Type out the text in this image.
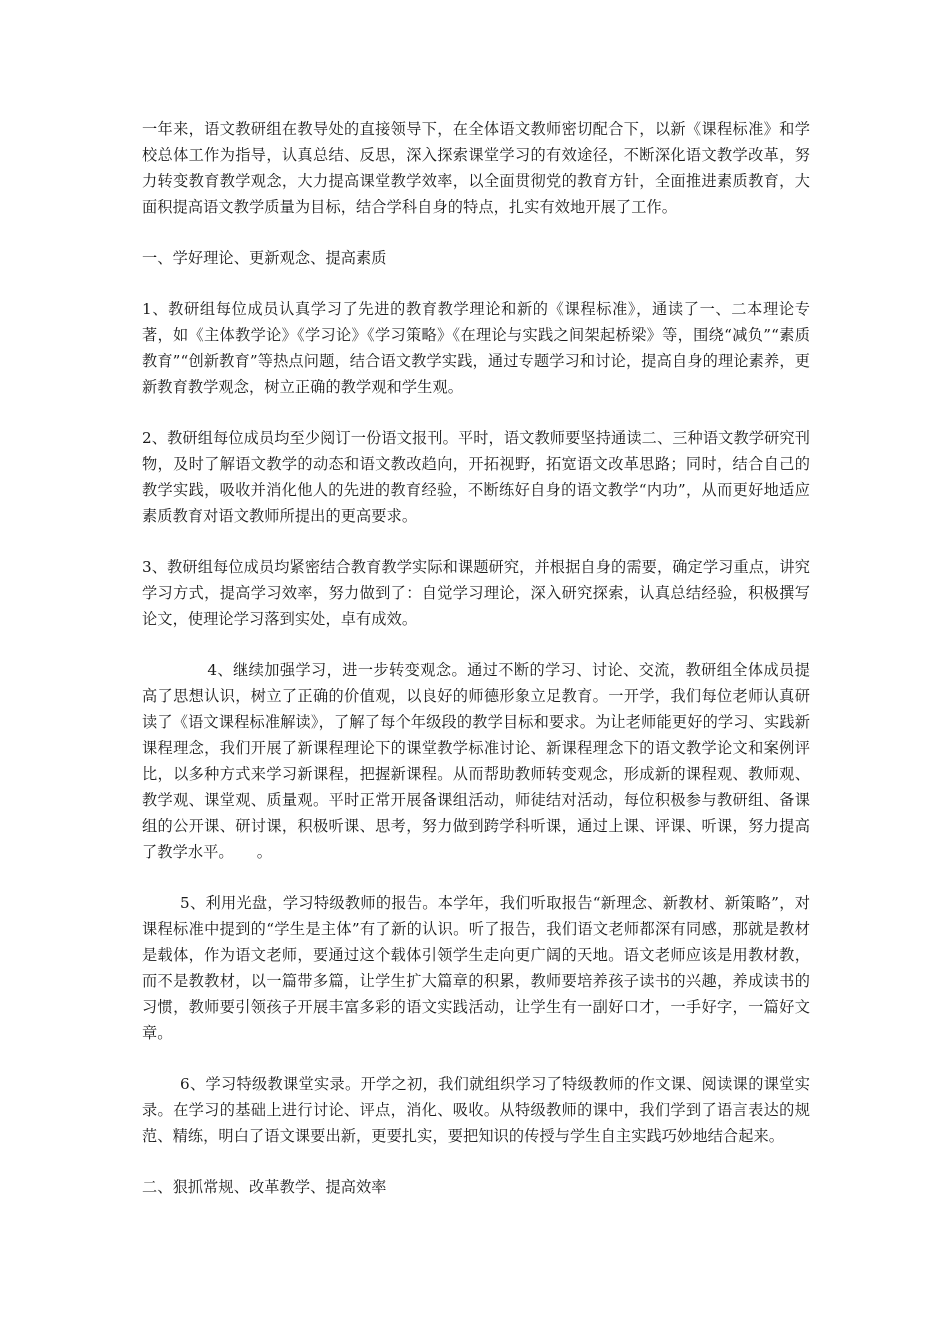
一年来，语文教研组在教导处的直接领导下，在全体语文教师密切配合下，以新《课程标准》和学校总体工作为指导，认真总结、反思，深入探索课堂学习的有效途径，不断深化语文教学改革，努力转变教育教学观念，大力提高课堂教学效率，以全面贯彻党的教育方针，全面推进素质教育，大面积提高语文教学质量为目标，结合学科自身的特点，扎实有效地开展了工作。

一、学好理论、更新观念、提高素质

1、教研组每位成员认真学习了先进的教育教学理论和新的《课程标准》，通读了一、二本理论专著，如《主体教学论》《学习论》《学习策略》《在理论与实践之间架起桥梁》等，围绕“减负”“素质教育”“创新教育”等热点问题，结合语文教学实践，通过专题学习和讨论，提高自身的理论素养，更新教育教学观念，树立正确的教学观和学生观。

2、教研组每位成员均至少阅订一份语文报刊。平时，语文教师要坚持通读二、三种语文教学研究刊物，及时了解语文教学的动态和语文教改趋向，开拓视野，拓宽语文改革思路；同时，结合自己的教学实践，吸收并消化他人的先进的教育经验，不断练好自身的语文教学“内功”，从而更好地适应素质教育对语文教师所提出的更高要求。

3、教研组每位成员均紧密结合教育教学实际和课题研究，并根据自身的需要，确定学习重点，讲究学习方式，提高学习效率，努力做到了：自觉学习理论，深入研究探索，认真总结经验，积极撰写论文，使理论学习落到实处，卓有成效。

4、继续加强学习，进一步转变观念。通过不断的学习、讨论、交流，教研组全体成员提高了思想认识，树立了正确的价值观，以良好的师德形象立足教育。一开学，我们每位老师认真研读了《语文课程标准解读》，了解了每个年级段的教学目标和要求。为让老师能更好的学习、实践新课程理念，我们开展了新课程理论下的课堂教学标准讨论、新课程理念下的语文教学论文和案例评比，以多种方式来学习新课程，把握新课程。从而帮助教师转变观念，形成新的课程观、教师观、教学观、课堂观、质量观。平时正常开展备课组活动，师徒结对活动，每位积极参与教研组、备课组的公开课、研讨课，积极听课、思考，努力做到跨学科听课，通过上课、评课、听课，努力提高了教学水平。　　。

5、利用光盘，学习特级教师的报告。本学年，我们听取报告“新理念、新教材、新策略”，对课程标准中提到的“学生是主体”有了新的认识。听了报告，我们语文老师都深有同感，那就是教材是载体，作为语文老师，要通过这个载体引领学生走向更广阔的天地。语文老师应该是用教材教，而不是教教材，以一篇带多篇，让学生扩大篇章的积累，教师要培养孩子读书的兴趣，养成读书的习惯，教师要引领孩子开展丰富多彩的语文实践活动，让学生有一副好口才，一手好字，一篇好文章。

6、学习特级教课堂实录。开学之初，我们就组织学习了特级教师的作文课、阅读课的课堂实录。在学习的基础上进行讨论、评点，消化、吸收。从特级教师的课中，我们学到了语言表达的规范、精练，明白了语文课要出新，更要扎实，要把知识的传授与学生自主实践巧妙地结合起来。

二、狠抓常规、改革教学、提高效率
